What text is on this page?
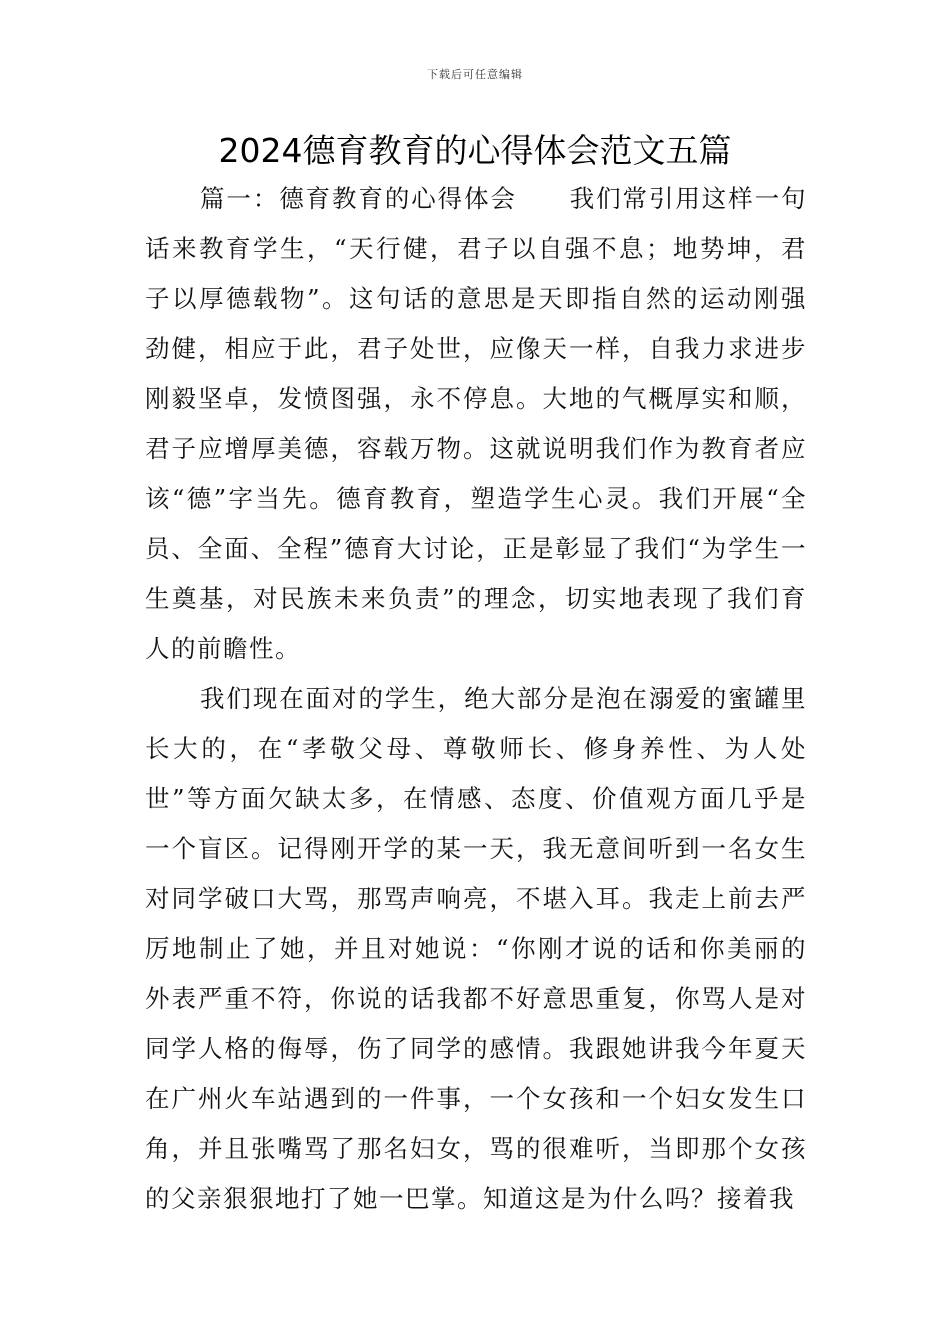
下载后可任意编辑
2024德育教育的心得体会范文五篇

篇一：德育教育的心得体会　　我们常引用这样一句话来教育学生，“天行健，君子以自强不息；地势坤，君子以厚德载物”。这句话的意思是天即指自然的运动刚强劲健，相应于此，君子处世，应像天一样，自我力求进步刚毅坚卓，发愤图强，永不停息。大地的气概厚实和顺，君子应增厚美德，容载万物。这就说明我们作为教育者应该“德”字当先。德育教育，塑造学生心灵。我们开展“全员、全面、全程”德育大讨论，正是彰显了我们“为学生一生奠基，对民族未来负责”的理念，切实地表现了我们育人的前瞻性。

我们现在面对的学生，绝大部分是泡在溺爱的蜜罐里长大的，在“孝敬父母、尊敬师长、修身养性、为人处世”等方面欠缺太多，在情感、态度、价值观方面几乎是一个盲区。记得刚开学的某一天，我无意间听到一名女生对同学破口大骂，那骂声响亮，不堪入耳。我走上前去严厉地制止了她，并且对她说：“你刚才说的话和你美丽的外表严重不符，你说的话我都不好意思重复，你骂人是对同学人格的侮辱，伤了同学的感情。我跟她讲我今年夏天在广州火车站遇到的一件事，一个女孩和一个妇女发生口角，并且张嘴骂了那名妇女，骂的很难听，当即那个女孩的父亲狠狠地打了她一巴掌。知道这是为什么吗？接着我
